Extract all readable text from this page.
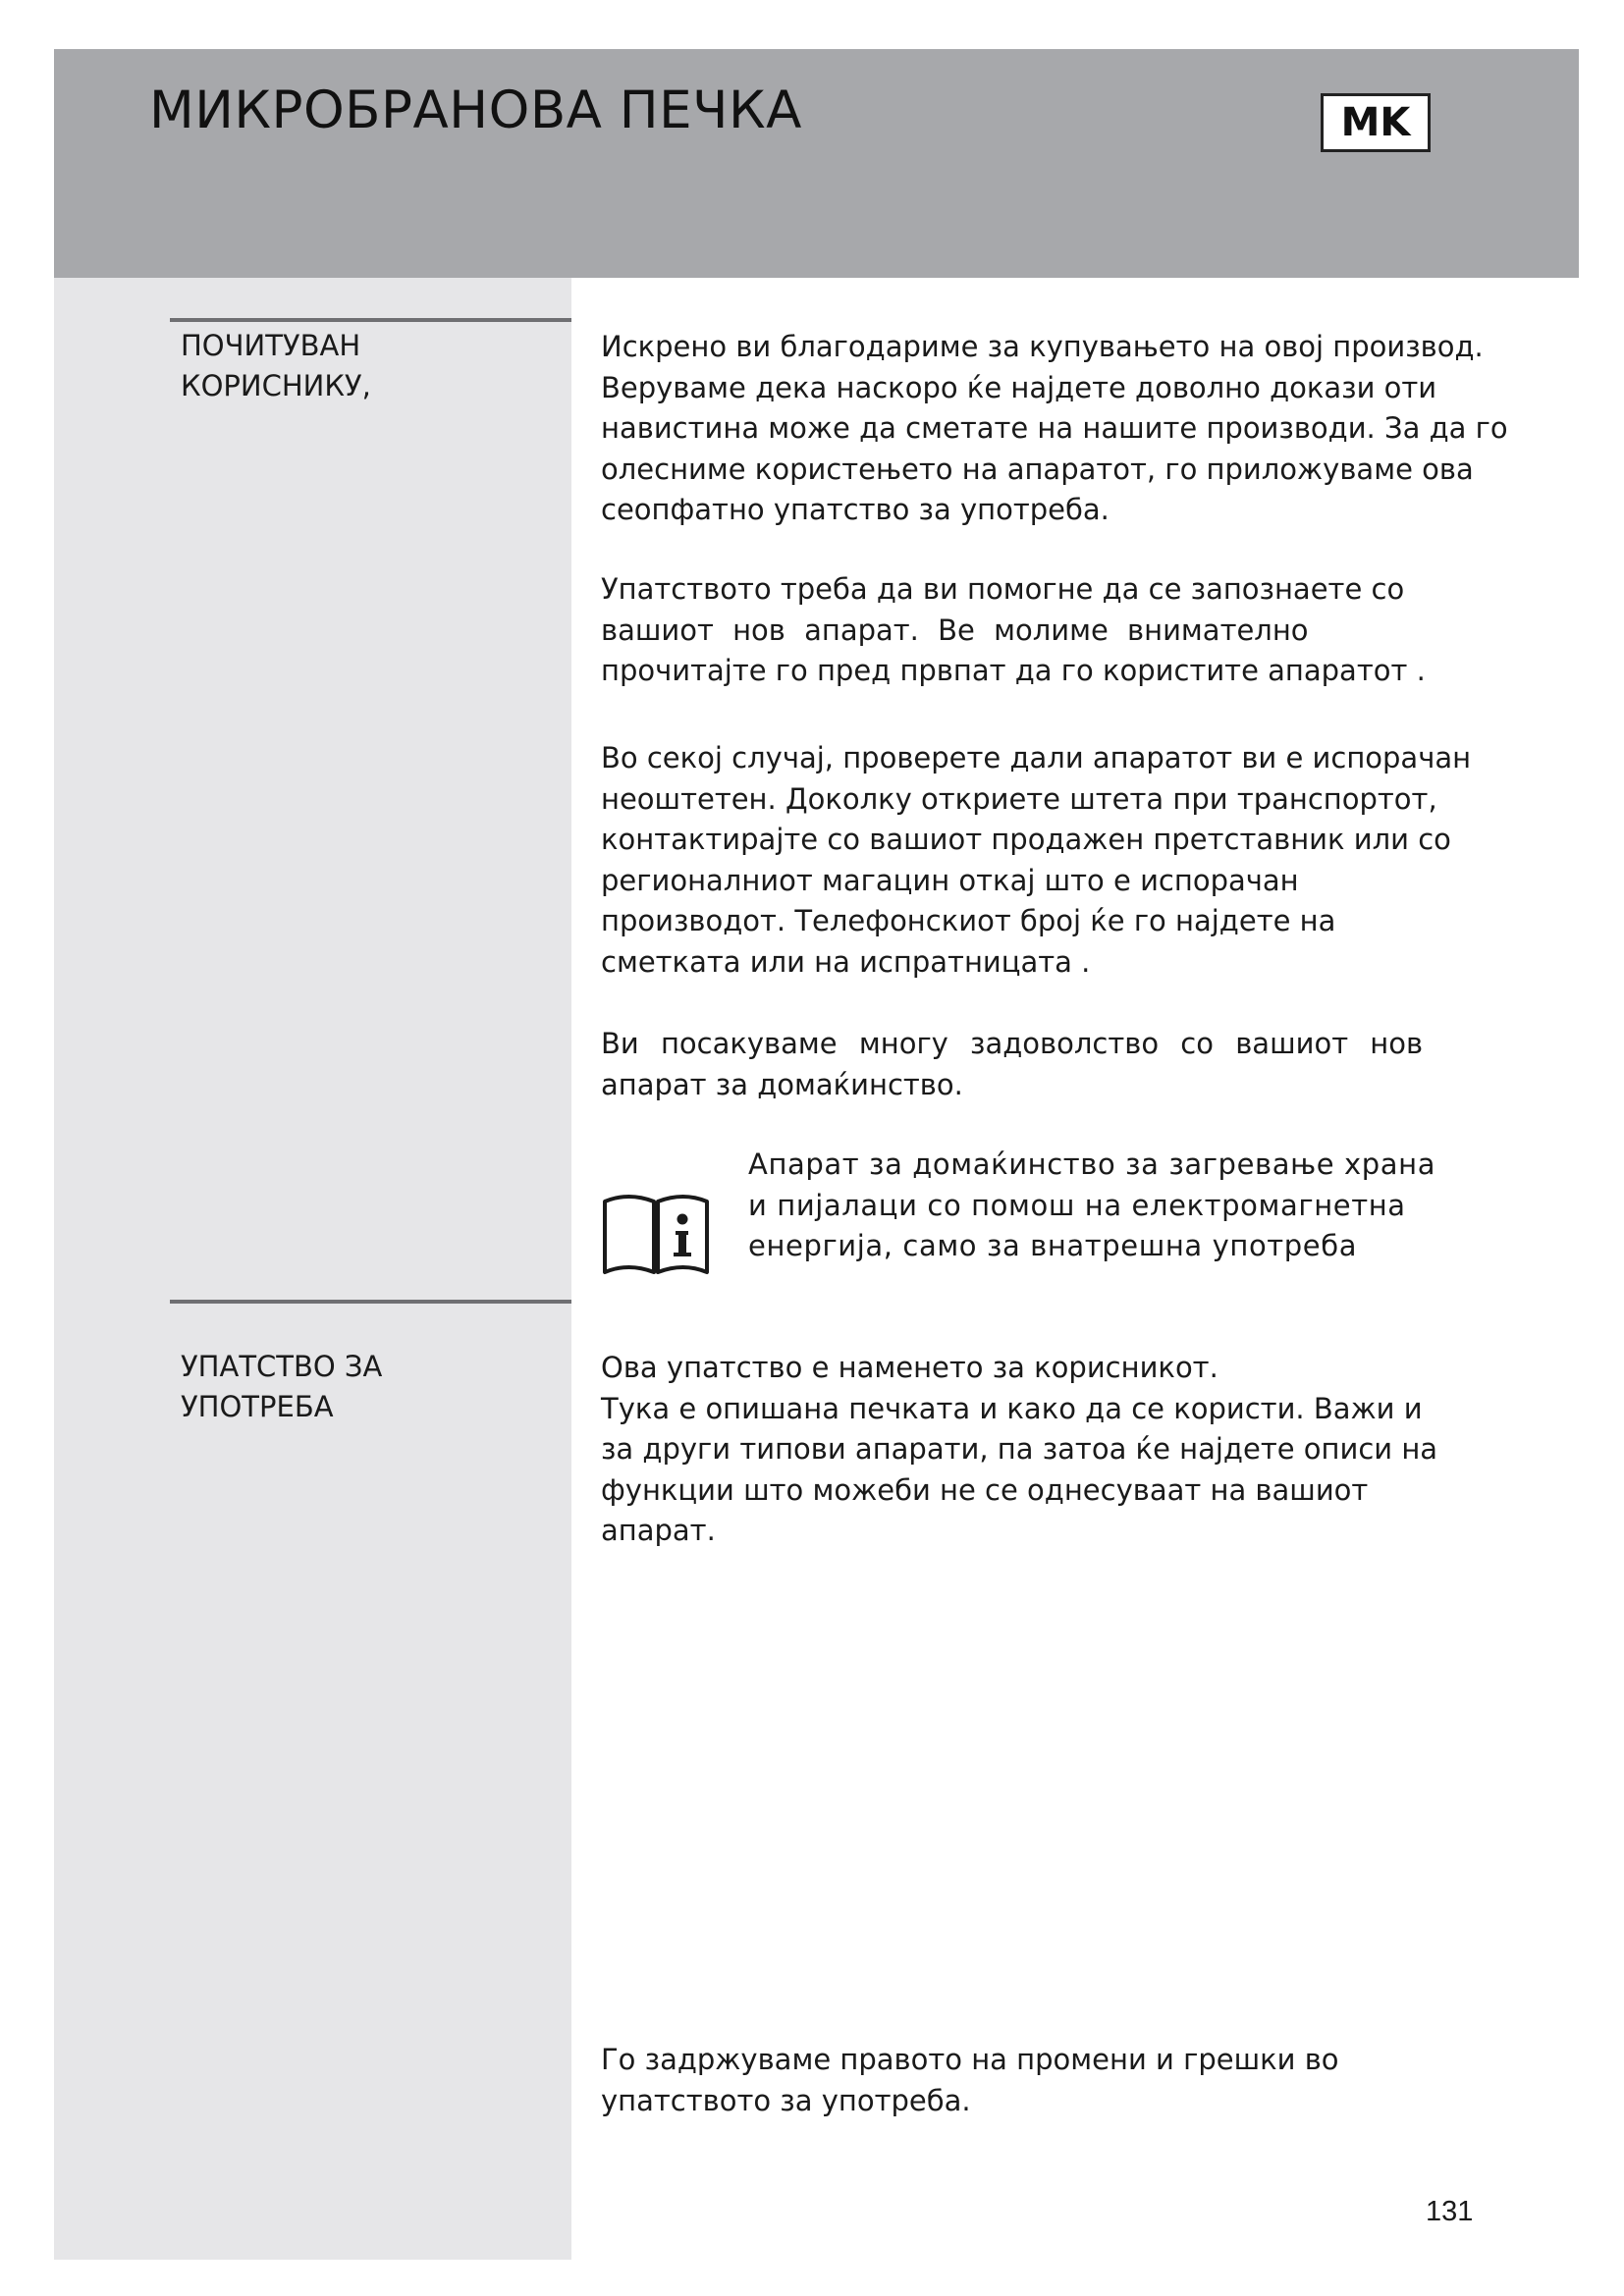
МИКРОБРАНОВА ПЕЧКА	MK
ПОЧИТУВАН
КОРИСНИКУ,
Искрено ви благодариме за купувањето на овој производ.
Веруваме дека наскоро ќе најдете доволно докази оти
навистина може да сметате на нашите производи. За да го
олесниме користењето на апаратот, го приложуваме ова
сеопфатно упатство за употреба.
Упатството треба да ви помогне да се запознаете со
вашиот нов апарат. Ве молиме внимателно
прочитајте го пред првпат да го користите апаратот .
Во секој случај, проверете дали апаратот ви е испорачан
неоштетен. Доколку откриете штета при транспортот,
контактирајте со вашиот продажен претставник или со
регионалниот магацин откај што е испорачан
производот. Телефонскиот број ќе го најдете на
сметката или на испратницата .
Ви посакуваме многу задоволство со вашиот нов
апарат за домаќинство.
Апарат за домаќинство за загревање храна
и пијалаци со помош на електромагнетна
енергија, само за внатрешна употреба
УПАТСТВО ЗА
УПОТРЕБА
Ова упатство е наменето за корисникот.
Тука е опишана печката и како да се користи. Важи и
за други типови апарати, па затоа ќе најдете описи на
функции што можеби не се однесуваат на вашиот
апарат.
Го задржуваме правото на промени и грешки во
упатството за употреба.
131
